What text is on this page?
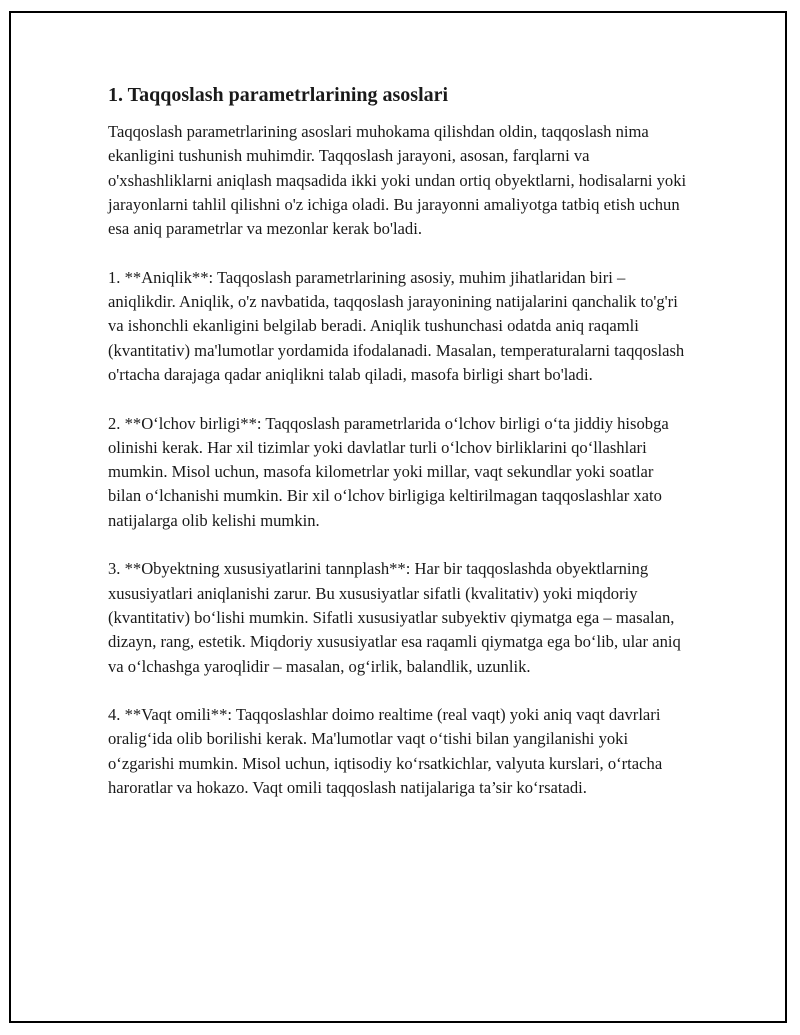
1. Taqqoslash parametrlarining asoslari

Taqqoslash parametrlarining asoslari muhokama qilishdan oldin, taqqoslash nima ekanligini tushunish muhimdir. Taqqoslash jarayoni, asosan, farqlarni va o'xshashliklarni aniqlash maqsadida ikki yoki undan ortiq obyektlarni, hodisalarni yoki jarayonlarni tahlil qilishni o'z ichiga oladi. Bu jarayonni amaliyotga tatbiq etish uchun esa aniq parametrlar va mezonlar kerak bo'ladi.

1. **Aniqlik**: Taqqoslash parametrlarining asosiy, muhim jihatlaridan biri – aniqlikdir. Aniqlik, o'z navbatida, taqqoslash jarayonining natijalarini qanchalik to'g'ri va ishonchli ekanligini belgilab beradi. Aniqlik tushunchasi odatda aniq raqamli (kvantitativ) ma'lumotlar yordamida ifodalanadi. Masalan, temperaturalarni taqqoslash o'rtacha darajaga qadar aniqlikni talab qiladi, masofa birligi shart bo'ladi.

2. **O‘lchov birligi**: Taqqoslash parametrlarida o‘lchov birligi o‘ta jiddiy hisobga olinishi kerak. Har xil tizimlar yoki davlatlar turli o‘lchov birliklarini qo‘llashlari mumkin. Misol uchun, masofa kilometrlar yoki millar, vaqt sekundlar yoki soatlar bilan o‘lchanishi mumkin. Bir xil o‘lchov birligiga keltirilmagan taqqoslashlar xato natijalarga olib kelishi mumkin.

3. **Obyektning xususiyatlarini tannplash**: Har bir taqqoslashda obyektlarning xususiyatlari aniqlanishi zarur. Bu xususiyatlar sifatli (kvalitativ) yoki miqdoriy (kvantitativ) bo‘lishi mumkin. Sifatli xususiyatlar subyektiv qiymatga ega – masalan, dizayn, rang, estetik. Miqdoriy xususiyatlar esa raqamli qiymatga ega bo‘lib, ular aniq va o‘lchashga yaroqlidir – masalan, og‘irlik, balandlik, uzunlik.

4. **Vaqt omili**: Taqqoslashlar doimo realtime (real vaqt) yoki aniq vaqt davrlari oralig‘ida olib borilishi kerak. Ma'lumotlar vaqt o‘tishi bilan yangilanishi yoki o‘zgarishi mumkin. Misol uchun, iqtisodiy ko‘rsatkichlar, valyuta kurslari, o‘rtacha haroratlar va hokazo. Vaqt omili taqqoslash natijalariga ta’sir ko‘rsatadi.
